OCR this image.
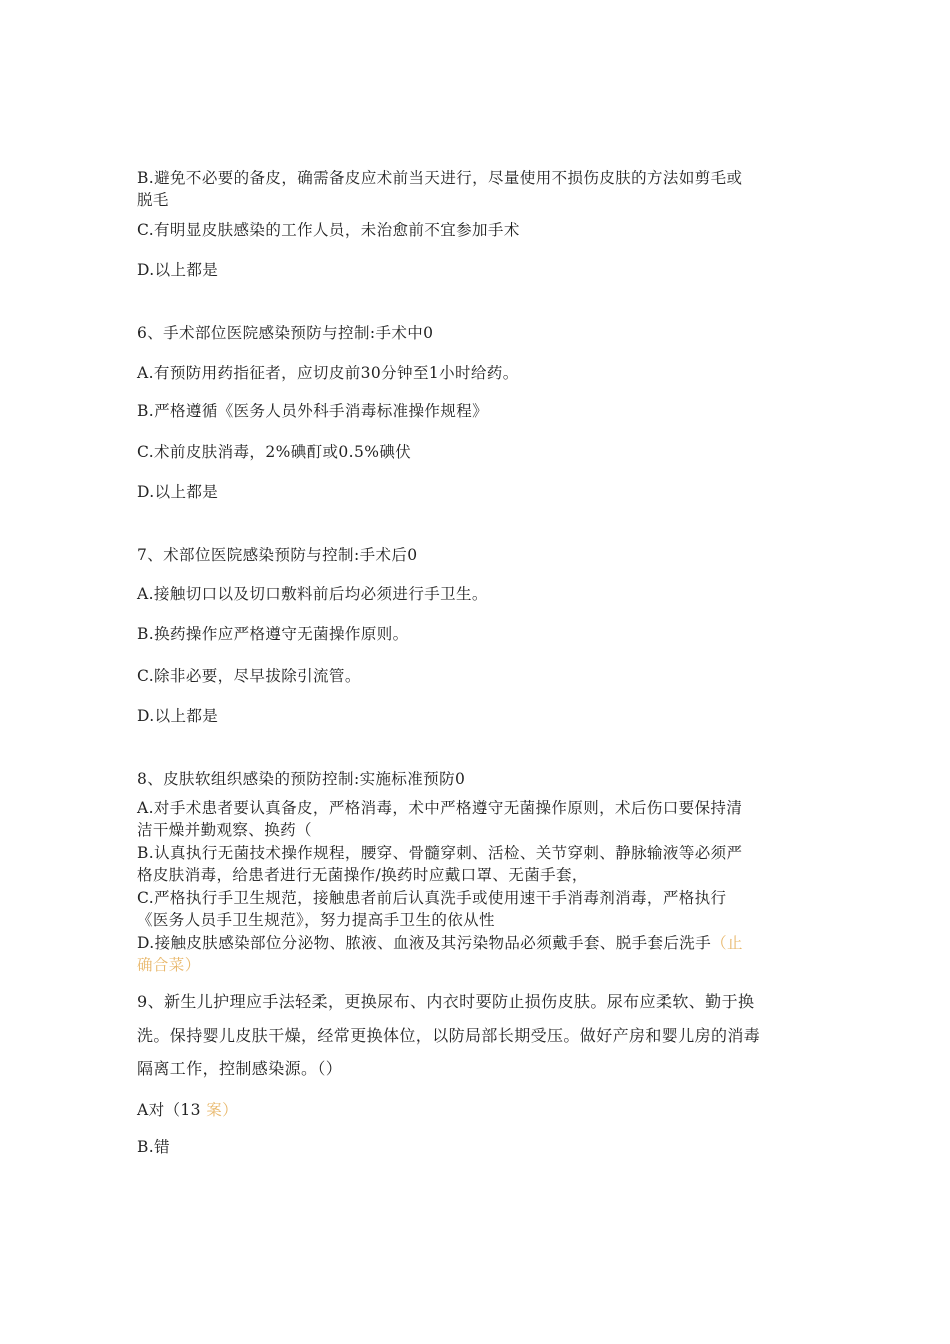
B.避免不必要的备皮，确需备皮应术前当天进行，尽量使用不损伤皮肤的方法如剪毛或
脱毛
C.有明显皮肤感染的工作人员，未治愈前不宜参加手术
D.以上都是
6、手术部位医院感染预防与控制:手术中0
A.有预防用药指征者，应切皮前30分钟至1小时给药。
B.严格遵循《医务人员外科手消毒标准操作规程》
C.术前皮肤消毒，2%碘酊或0.5%碘伏
D.以上都是
7、术部位医院感染预防与控制:手术后0
A.接触切口以及切口敷料前后均必须进行手卫生。
B.换药操作应严格遵守无菌操作原则。
C.除非必要，尽早拔除引流管。
D.以上都是
8、皮肤软组织感染的预防控制:实施标准预防0
A.对手术患者要认真备皮，严格消毒，术中严格遵守无菌操作原则，术后伤口要保持清
洁干燥并勤观察、换药（
B.认真执行无菌技术操作规程，腰穿、骨髓穿刺、活检、关节穿刺、静脉输液等必须严
格皮肤消毒，给患者进行无菌操作/换药时应戴口罩、无菌手套，
C.严格执行手卫生规范，接触患者前后认真洗手或使用速干手消毒剂消毒，严格执行
《医务人员手卫生规范》，努力提高手卫生的依从性
D.接触皮肤感染部位分泌物、脓液、血液及其污染物品必须戴手套、脱手套后洗手（止
确合菜）
9、新生儿护理应手法轻柔，更换尿布、内衣时要防止损伤皮肤。尿布应柔软、勤于换
洗。保持婴儿皮肤干燥，经常更换体位，以防局部长期受压。做好产房和婴儿房的消毒
隔离工作，控制感染源。（）
A对（13 案）
B.错
